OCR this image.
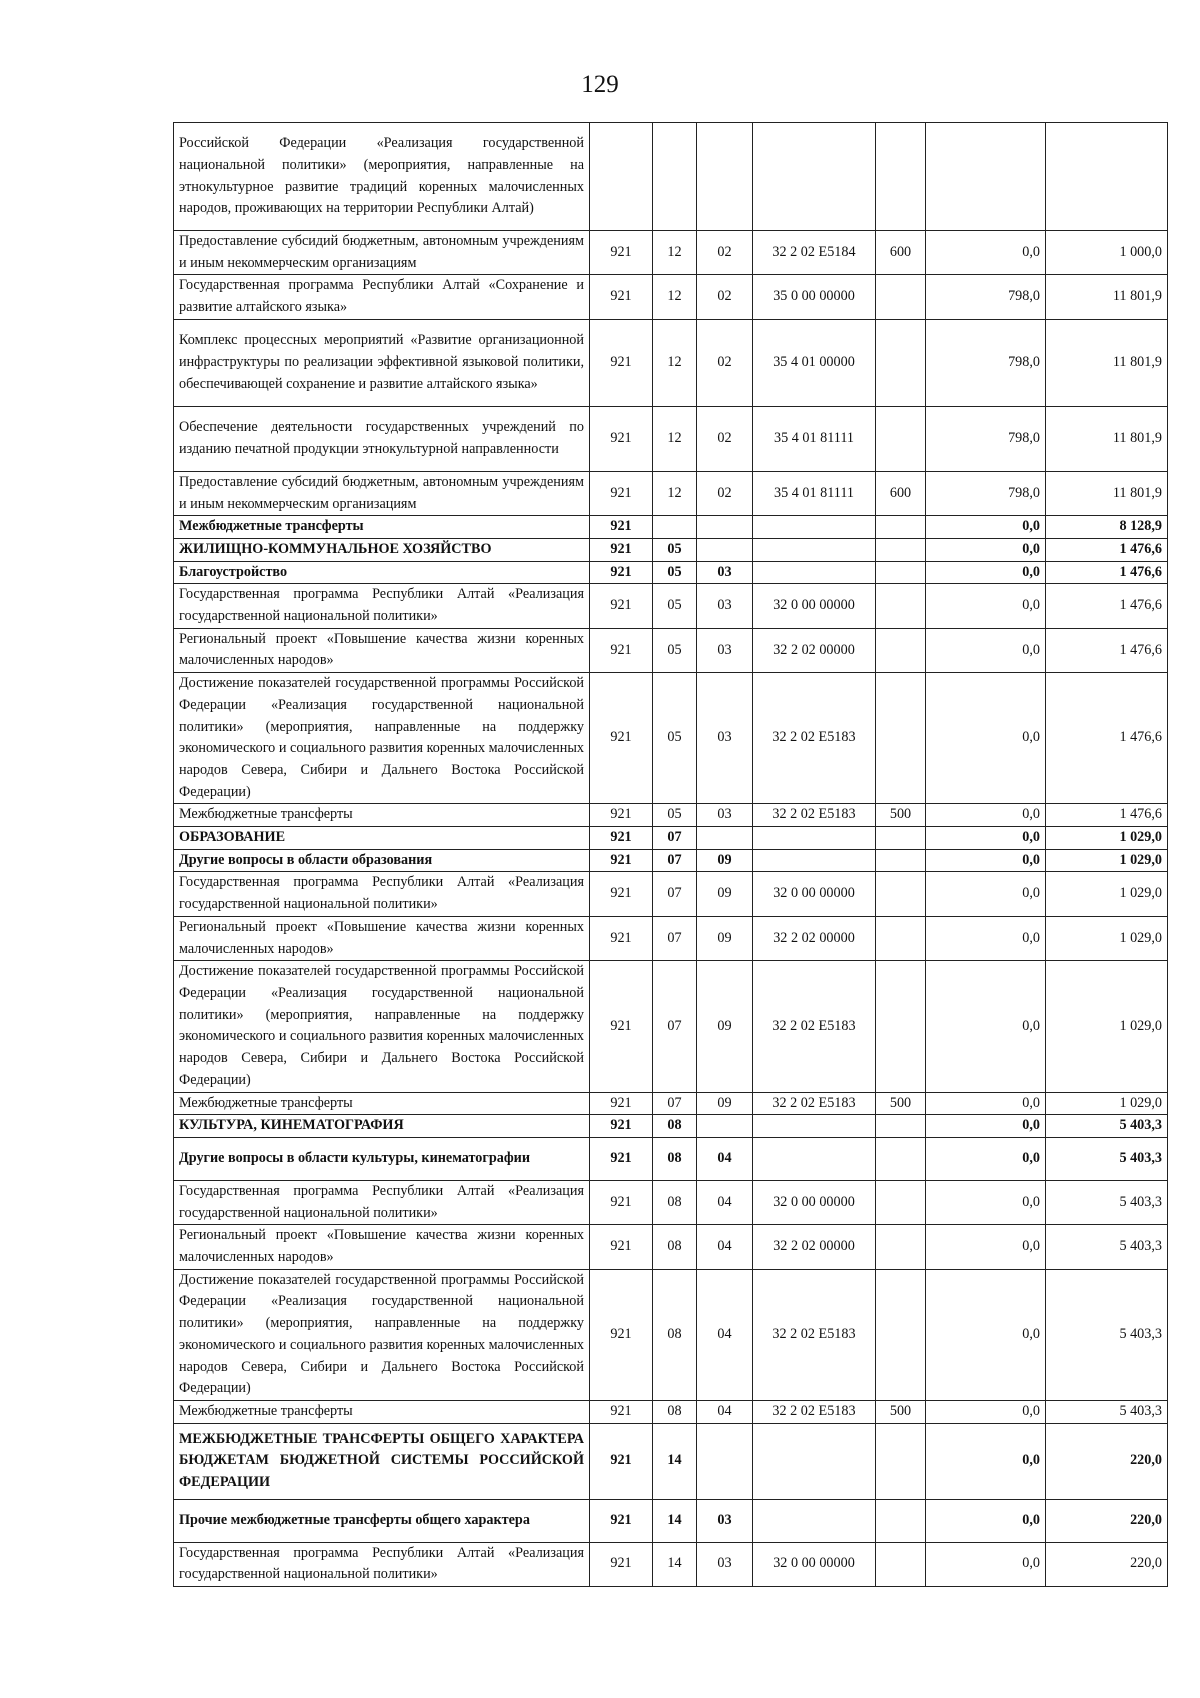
129
Российской Федерации «Реализация государственной национальной политики» (мероприятия, направленные на этнокультурное развитие традиций коренных малочисленных народов, проживающих на территории Республики Алтай)							
Предоставление субсидий бюджетным, автономным учреждениям и иным некоммерческим организациям	921	12	02	32 2 02 E5184	600	0,0	1 000,0
Государственная программа Республики Алтай «Сохранение и развитие алтайского языка»	921	12	02	35 0 00 00000		798,0	11 801,9
Комплекс процессных мероприятий «Развитие организационной инфраструктуры по реализации эффективной языковой политики, обеспечивающей сохранение и развитие алтайского языка»	921	12	02	35 4 01 00000		798,0	11 801,9
Обеспечение деятельности государственных учреждений по изданию печатной продукции этнокультурной направленности	921	12	02	35 4 01 81111		798,0	11 801,9
Предоставление субсидий бюджетным, автономным учреждениям и иным некоммерческим организациям	921	12	02	35 4 01 81111	600	798,0	11 801,9
Межбюджетные трансферты	921					0,0	8 128,9
ЖИЛИЩНО-КОММУНАЛЬНОЕ ХОЗЯЙСТВО	921	05				0,0	1 476,6
Благоустройство	921	05	03			0,0	1 476,6
Государственная программа Республики Алтай «Реализация государственной национальной политики»	921	05	03	32 0 00 00000		0,0	1 476,6
Региональный проект «Повышение качества жизни коренных малочисленных народов»	921	05	03	32 2 02 00000		0,0	1 476,6
Достижение показателей государственной программы Российской Федерации «Реализация государственной национальной политики» (мероприятия, направленные на поддержку экономического и социального развития коренных малочисленных народов Севера, Сибири и Дальнего Востока Российской Федерации)	921	05	03	32 2 02 E5183		0,0	1 476,6
Межбюджетные трансферты	921	05	03	32 2 02 E5183	500	0,0	1 476,6
ОБРАЗОВАНИЕ	921	07				0,0	1 029,0
Другие вопросы в области образования	921	07	09			0,0	1 029,0
Государственная программа Республики Алтай «Реализация государственной национальной политики»	921	07	09	32 0 00 00000		0,0	1 029,0
Региональный проект «Повышение качества жизни коренных малочисленных народов»	921	07	09	32 2 02 00000		0,0	1 029,0
Достижение показателей государственной программы Российской Федерации «Реализация государственной национальной политики» (мероприятия, направленные на поддержку экономического и социального развития коренных малочисленных народов Севера, Сибири и Дальнего Востока Российской Федерации)	921	07	09	32 2 02 E5183		0,0	1 029,0
Межбюджетные трансферты	921	07	09	32 2 02 E5183	500	0,0	1 029,0
КУЛЬТУРА, КИНЕМАТОГРАФИЯ	921	08				0,0	5 403,3
Другие вопросы в области культуры, кинематографии	921	08	04			0,0	5 403,3
Государственная программа Республики Алтай «Реализация государственной национальной политики»	921	08	04	32 0 00 00000		0,0	5 403,3
Региональный проект «Повышение качества жизни коренных малочисленных народов»	921	08	04	32 2 02 00000		0,0	5 403,3
Достижение показателей государственной программы Российской Федерации «Реализация государственной национальной политики» (мероприятия, направленные на поддержку экономического и социального развития коренных малочисленных народов Севера, Сибири и Дальнего Востока Российской Федерации)	921	08	04	32 2 02 E5183		0,0	5 403,3
Межбюджетные трансферты	921	08	04	32 2 02 E5183	500	0,0	5 403,3
МЕЖБЮДЖЕТНЫЕ ТРАНСФЕРТЫ ОБЩЕГО ХАРАКТЕРА БЮДЖЕТАМ БЮДЖЕТНОЙ СИСТЕМЫ РОССИЙСКОЙ ФЕДЕРАЦИИ	921	14				0,0	220,0
Прочие межбюджетные трансферты общего характера	921	14	03			0,0	220,0
Государственная программа Республики Алтай «Реализация государственной национальной политики»	921	14	03	32 0 00 00000		0,0	220,0
